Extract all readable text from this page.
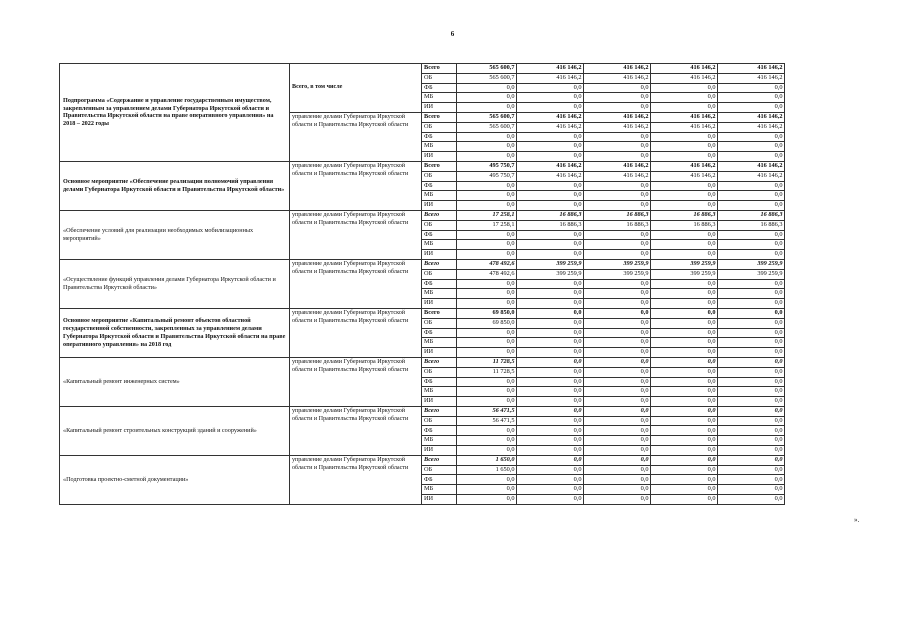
6
Подпрограмма «Содержание и управление государственным имуществом, закрепленным за управлением делами Губернатора Иркутской области и Правительства Иркутской области на праве оперативного управления» на 2018 – 2022 годы	Всего, в том числе	Всего	565 600,7	416 146,2	416 146,2	416 146,2	416 146,2
		ОБ	565 600,7	416 146,2	416 146,2	416 146,2	416 146,2
		ФБ	0,0	0,0	0,0	0,0	0,0
		МБ	0,0	0,0	0,0	0,0	0,0
		ИИ	0,0	0,0	0,0	0,0	0,0
	управление делами Губернатора Иркутской области и Правительства Иркутской области	Всего	565 600,7	416 146,2	416 146,2	416 146,2	416 146,2
		ОБ	565 600,7	416 146,2	416 146,2	416 146,2	416 146,2
		ФБ	0,0	0,0	0,0	0,0	0,0
		МБ	0,0	0,0	0,0	0,0	0,0
		ИИ	0,0	0,0	0,0	0,0	0,0
Основное мероприятие «Обеспечение реализации полномочий управления делами Губернатора Иркутской области и Правительства Иркутской области»	управление делами Губернатора Иркутской области и Правительства Иркутской области	Всего	495 750,7	416 146,2	416 146,2	416 146,2	416 146,2
		ОБ	495 750,7	416 146,2	416 146,2	416 146,2	416 146,2
		ФБ	0,0	0,0	0,0	0,0	0,0
		МБ	0,0	0,0	0,0	0,0	0,0
		ИИ	0,0	0,0	0,0	0,0	0,0
«Обеспечение условий для реализации необходимых мобилизационных мероприятий»	управление делами Губернатора Иркутской области и Правительства Иркутской области	Всего	17 258,1	16 886,3	16 886,3	16 886,3	16 886,3
		ОБ	17 258,1	16 886,3	16 886,3	16 886,3	16 886,3
		ФБ	0,0	0,0	0,0	0,0	0,0
		МБ	0,0	0,0	0,0	0,0	0,0
		ИИ	0,0	0,0	0,0	0,0	0,0
«Осуществление функций управления делами Губернатора Иркутской области и Правительства Иркутской области»	управление делами Губернатора Иркутской области и Правительства Иркутской области	Всего	478 492,6	399 259,9	399 259,9	399 259,9	399 259,9
		ОБ	478 492,6	399 259,9	399 259,9	399 259,9	399 259,9
		ФБ	0,0	0,0	0,0	0,0	0,0
		МБ	0,0	0,0	0,0	0,0	0,0
		ИИ	0,0	0,0	0,0	0,0	0,0
Основное мероприятие «Капитальный ремонт объектов областной государственной собственности, закрепленных за управлением делами Губернатора Иркутской области и Правительства Иркутской области на праве оперативного управления» на 2018 год	управление делами Губернатора Иркутской области и Правительства Иркутской области	Всего	69 850,0	0,0	0,0	0,0	0,0
		ОБ	69 850,0	0,0	0,0	0,0	0,0
		ФБ	0,0	0,0	0,0	0,0	0,0
		МБ	0,0	0,0	0,0	0,0	0,0
		ИИ	0,0	0,0	0,0	0,0	0,0
«Капитальный ремонт инженерных систем»	управление делами Губернатора Иркутской области и Правительства Иркутской области	Всего	11 728,5	0,0	0,0	0,0	0,0
		ОБ	11 728,5	0,0	0,0	0,0	0,0
		ФБ	0,0	0,0	0,0	0,0	0,0
		МБ	0,0	0,0	0,0	0,0	0,0
		ИИ	0,0	0,0	0,0	0,0	0,0
«Капитальный ремонт строительных конструкций зданий и сооружений»	управление делами Губернатора Иркутской области и Правительства Иркутской области	Всего	56 471,5	0,0	0,0	0,0	0,0
		ОБ	56 471,5	0,0	0,0	0,0	0,0
		ФБ	0,0	0,0	0,0	0,0	0,0
		МБ	0,0	0,0	0,0	0,0	0,0
		ИИ	0,0	0,0	0,0	0,0	0,0
«Подготовка проектно-сметной документации»	управление делами Губернатора Иркутской области и Правительства Иркутской области	Всего	1 650,0	0,0	0,0	0,0	0,0
		ОБ	1 650,0	0,0	0,0	0,0	0,0
		ФБ	0,0	0,0	0,0	0,0	0,0
		МБ	0,0	0,0	0,0	0,0	0,0
		ИИ	0,0	0,0	0,0	0,0	0,0
».
